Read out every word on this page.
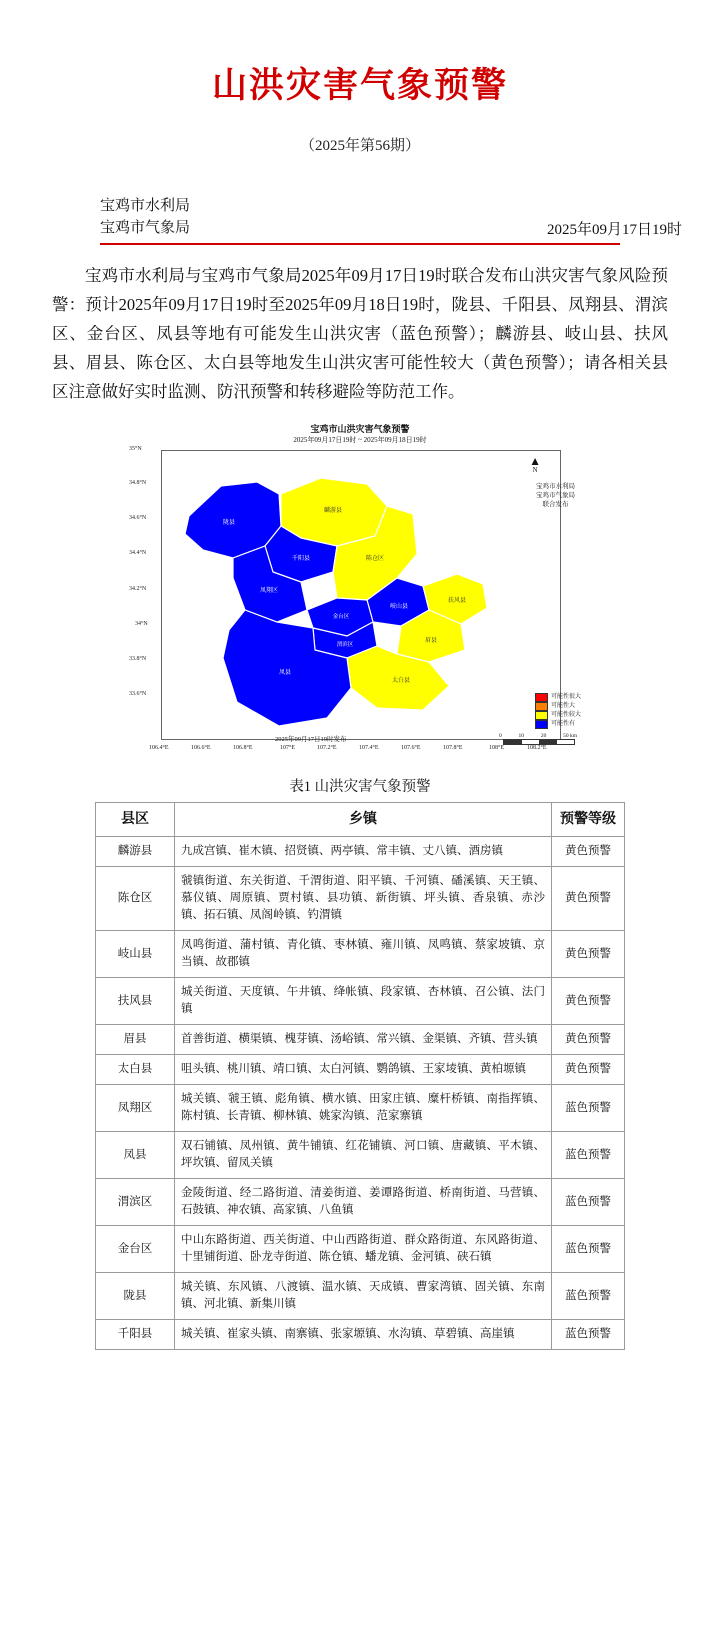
山洪灾害气象预警
（2025年第56期）
宝鸡市水利局
宝鸡市气象局	2025年09月17日19时
宝鸡市水利局与宝鸡市气象局2025年09月17日19时联合发布山洪灾害气象风险预警：预计2025年09月17日19时至2025年09月18日19时，陇县、千阳县、凤翔县、渭滨区、金台区、凤县等地有可能发生山洪灾害（蓝色预警）；麟游县、岐山县、扶风县、眉县、陈仓区、太白县等地发生山洪灾害可能性较大（黄色预警）；请各相关县区注意做好实时监测、防汛预警和转移避险等防范工作。
宝鸡市山洪灾害气象预警
2025年09月17日19时 ~ 2025年09月18日19时
35°N
34.8°N
34.6°N
34.4°N
34.2°N
34°N
33.8°N
33.6°N
106.4°E	106.6°E	106.8°E	107°E	107.2°E	107.4°E	107.6°E	107.8°E	108°E	108.2°E
▲
N
宝鸡市水利局
宝鸡市气象局
联合发布
陇县
麟游县
千阳县
凤翔区
陈仓区
岐山县
扶风县
金台区
渭滨区
眉县
太白县
凤县
可能性很大
可能性大
可能性较大
可能性有
2025年09月17日19时发布	0	10	20	50 km
表1 山洪灾害气象预警
县区	乡镇	预警等级
麟游县	九成宫镇、崔木镇、招贤镇、两亭镇、常丰镇、丈八镇、酒房镇	黄色预警
陈仓区	虢镇街道、东关街道、千渭街道、阳平镇、千河镇、磻溪镇、天王镇、慕仪镇、周原镇、贾村镇、县功镇、新街镇、坪头镇、香泉镇、赤沙镇、拓石镇、凤阁岭镇、钓渭镇	黄色预警
岐山县	凤鸣街道、蒲村镇、青化镇、枣林镇、雍川镇、凤鸣镇、蔡家坡镇、京当镇、故郡镇	黄色预警
扶风县	城关街道、天度镇、午井镇、绛帐镇、段家镇、杏林镇、召公镇、法门镇	黄色预警
眉县	首善街道、横渠镇、槐芽镇、汤峪镇、常兴镇、金渠镇、齐镇、营头镇	黄色预警
太白县	咀头镇、桃川镇、靖口镇、太白河镇、鹦鸽镇、王家堎镇、黄柏塬镇	黄色预警
凤翔区	城关镇、虢王镇、彪角镇、横水镇、田家庄镇、糜杆桥镇、南指挥镇、陈村镇、长青镇、柳林镇、姚家沟镇、范家寨镇	蓝色预警
凤县	双石铺镇、凤州镇、黄牛铺镇、红花铺镇、河口镇、唐藏镇、平木镇、坪坎镇、留凤关镇	蓝色预警
渭滨区	金陵街道、经二路街道、清姜街道、姜谭路街道、桥南街道、马营镇、石鼓镇、神农镇、高家镇、八鱼镇	蓝色预警
金台区	中山东路街道、西关街道、中山西路街道、群众路街道、东风路街道、十里铺街道、卧龙寺街道、陈仓镇、蟠龙镇、金河镇、硖石镇	蓝色预警
陇县	城关镇、东风镇、八渡镇、温水镇、天成镇、曹家湾镇、固关镇、东南镇、河北镇、新集川镇	蓝色预警
千阳县	城关镇、崔家头镇、南寨镇、张家塬镇、水沟镇、草碧镇、高崖镇	蓝色预警
